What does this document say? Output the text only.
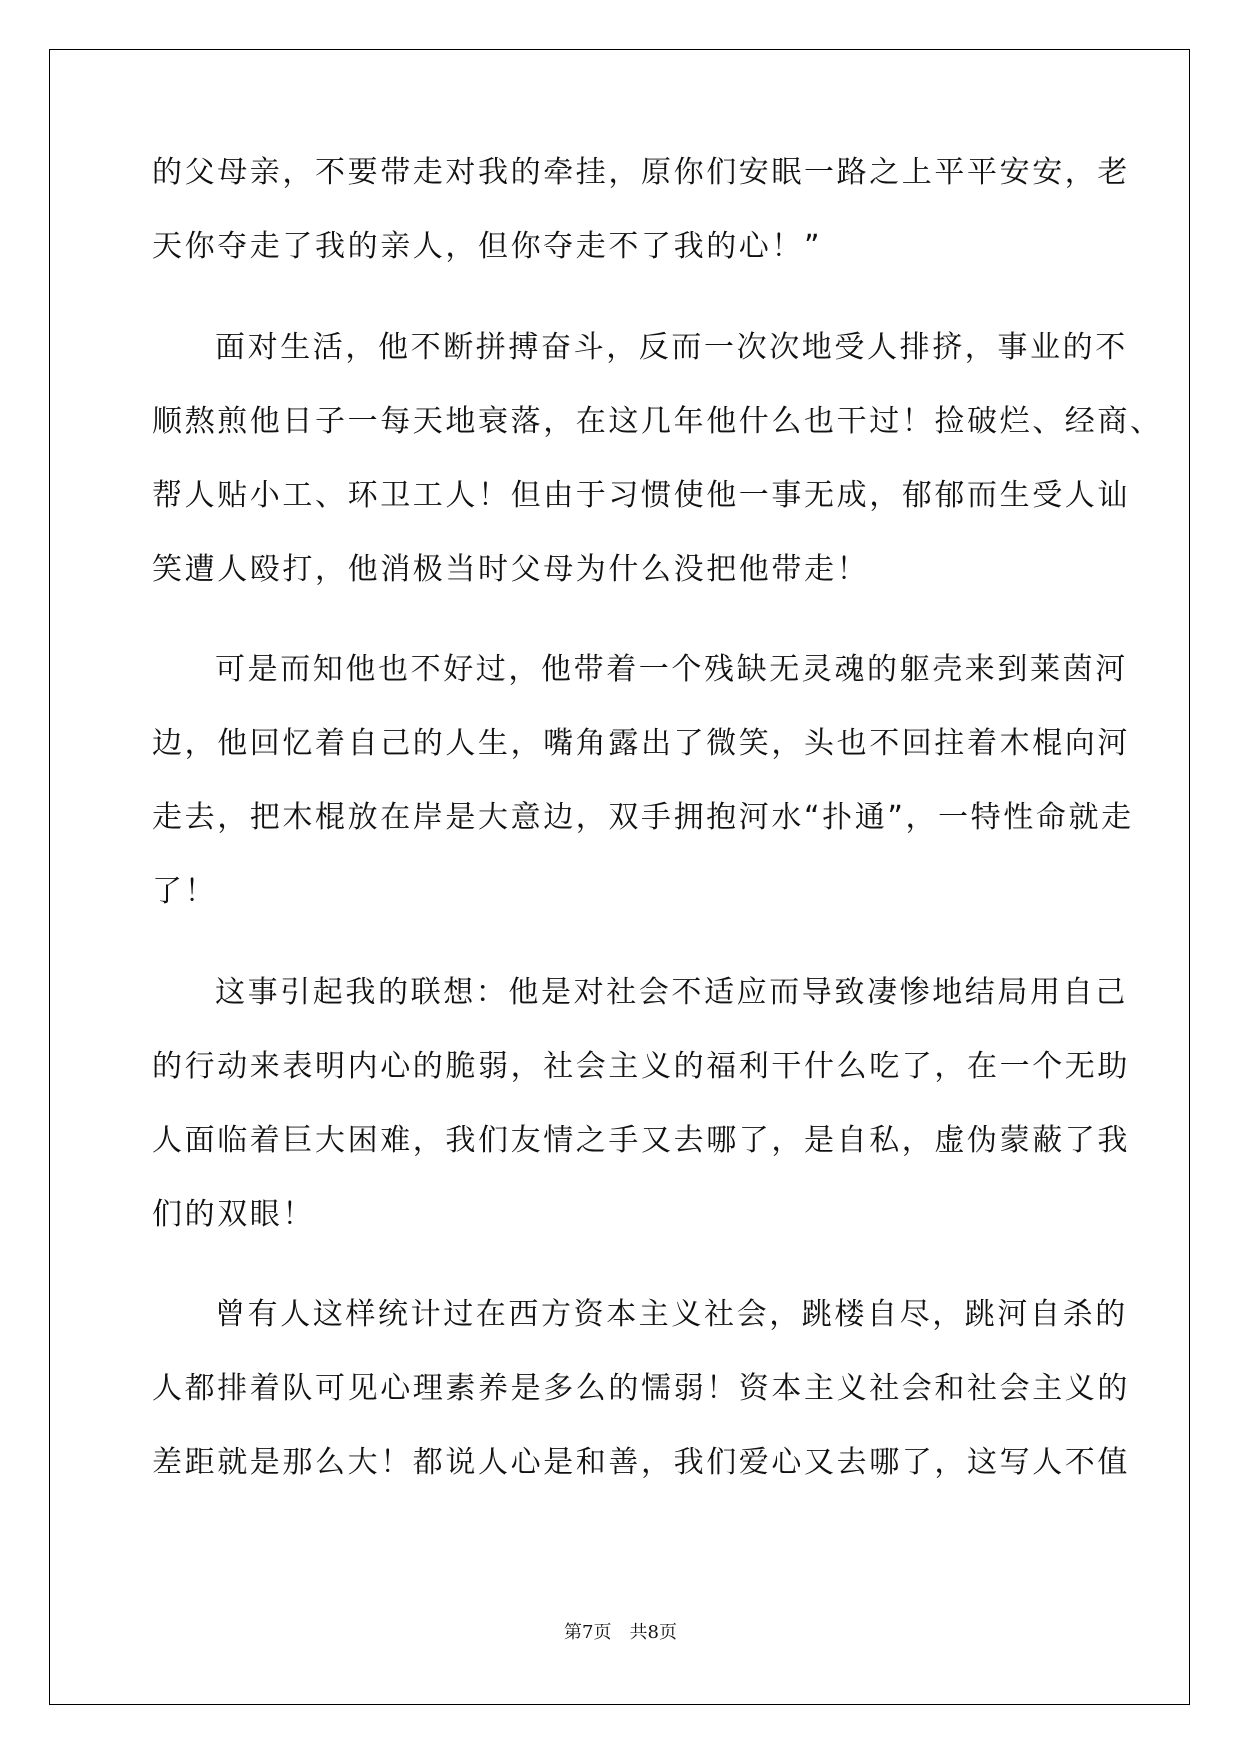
的父母亲，不要带走对我的牵挂，原你们安眠一路之上平平安安，老

天你夺走了我的亲人，但你夺走不了我的心！”

面对生活，他不断拼搏奋斗，反而一次次地受人排挤，事业的不

顺熬煎他日子一每天地衰落，在这几年他什么也干过！捡破烂、经商、

帮人贴小工、环卫工人！但由于习惯使他一事无成，郁郁而生受人讪

笑遭人殴打，他消极当时父母为什么没把他带走！

可是而知他也不好过，他带着一个残缺无灵魂的躯壳来到莱茵河

边，他回忆着自己的人生，嘴角露出了微笑，头也不回拄着木棍向河

走去，把木棍放在岸是大意边，双手拥抱河水“扑通”，一特性命就走

了！

这事引起我的联想：他是对社会不适应而导致凄惨地结局用自己

的行动来表明内心的脆弱，社会主义的福利干什么吃了，在一个无助

人面临着巨大困难，我们友情之手又去哪了，是自私，虚伪蒙蔽了我

们的双眼！

曾有人这样统计过在西方资本主义社会，跳楼自尽，跳河自杀的

人都排着队可见心理素养是多么的懦弱！资本主义社会和社会主义的

差距就是那么大！都说人心是和善，我们爱心又去哪了，这写人不值

第7页 共8页
